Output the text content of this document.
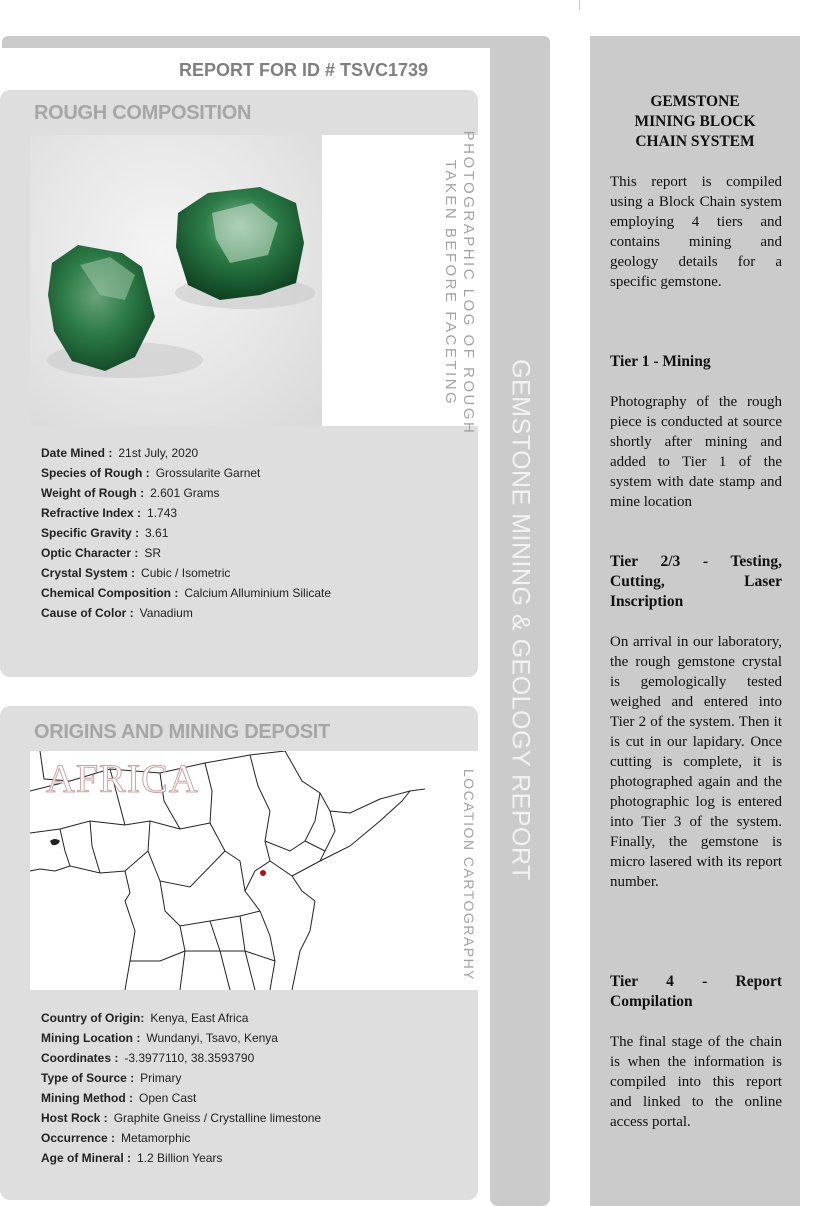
GEMSTONE MINING & GEOLOGY REPORT
REPORT FOR ID # TSVC1739
ROUGH COMPOSITION
PHOTOGRAPHIC LOG OF ROUGH
TAKEN BEFORE FACETING
Date Mined : 21st July, 2020
Species of Rough : Grossularite Garnet
Weight of Rough : 2.601 Grams
Refractive Index : 1.743
Specific Gravity : 3.61
Optic Character : SR
Crystal System : Cubic / Isometric
Chemical Composition : Calcium Alluminium Silicate
Cause of Color : Vanadium
ORIGINS AND MINING DEPOSIT
AFRICA	LOCATION CARTOGRAPHY
Country of Origin: Kenya, East Africa
Mining Location : Wundanyi, Tsavo, Kenya
Coordinates : -3.3977110, 38.3593790
Type of Source : Primary
Mining Method : Open Cast
Host Rock : Graphite Gneiss / Crystalline limestone
Occurrence : Metamorphic
Age of Mineral : 1.2 Billion Years
GEMSTONE
MINING BLOCK
CHAIN SYSTEM
This report is compiled using a Block Chain system employing 4 tiers and contains mining and geology details for a specific gemstone.
Tier 1 - Mining
Photography of the rough piece is conducted at source shortly after mining and added to Tier 1 of the system with date stamp and mine location
Tier 2/3 - Testing, Cutting, Laser Inscription
On arrival in our laboratory, the rough gemstone crystal is gemologically tested weighed and entered into Tier 2 of the system. Then it is cut in our lapidary. Once cutting is complete, it is photographed again and the photographic log is entered into Tier 3 of the system. Finally, the gemstone is micro lasered with its report number.
Tier 4 - Report Compilation
The final stage of the chain is when the information is compiled into this report and linked to the online access portal.
